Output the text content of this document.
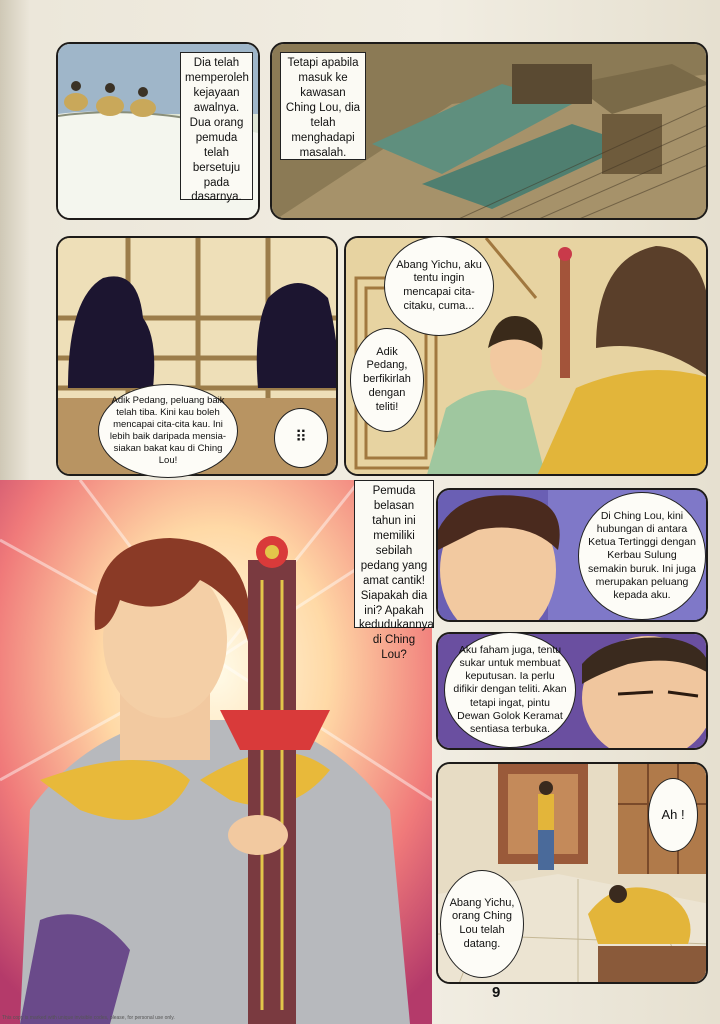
Dia telah memperoleh kejayaan awalnya. Dua orang pemuda telah bersetuju pada dasarnya.
Tetapi apabila masuk ke kawasan Ching Lou, dia telah menghadapi masalah.
Adik Pedang, peluang baik telah tiba. Kini kau boleh mencapai cita-cita kau. Ini lebih baik daripada mensia-siakan bakat kau di Ching Lou!
⠿
Abang Yichu, aku tentu ingin mencapai cita-citaku, cuma...
Adik Pedang, berfikirlah dengan teliti!
Pemuda belasan tahun ini memiliki sebilah pedang yang amat cantik! Siapakah dia ini? Apakah kedudukannya di Ching Lou?
Di Ching Lou, kini hubungan di antara Ketua Tertinggi dengan Kerbau Sulung semakin buruk. Ini juga merupakan peluang kepada aku.
Aku faham juga, tentu sukar untuk membuat keputusan. Ia perlu difikir dengan teliti. Akan tetapi ingat, pintu Dewan Golok Keramat sentiasa terbuka.
Ah !
Abang Yichu, orang Ching Lou telah datang.
9
This copy is marked with unique invisible codes, please, for personal use only.
